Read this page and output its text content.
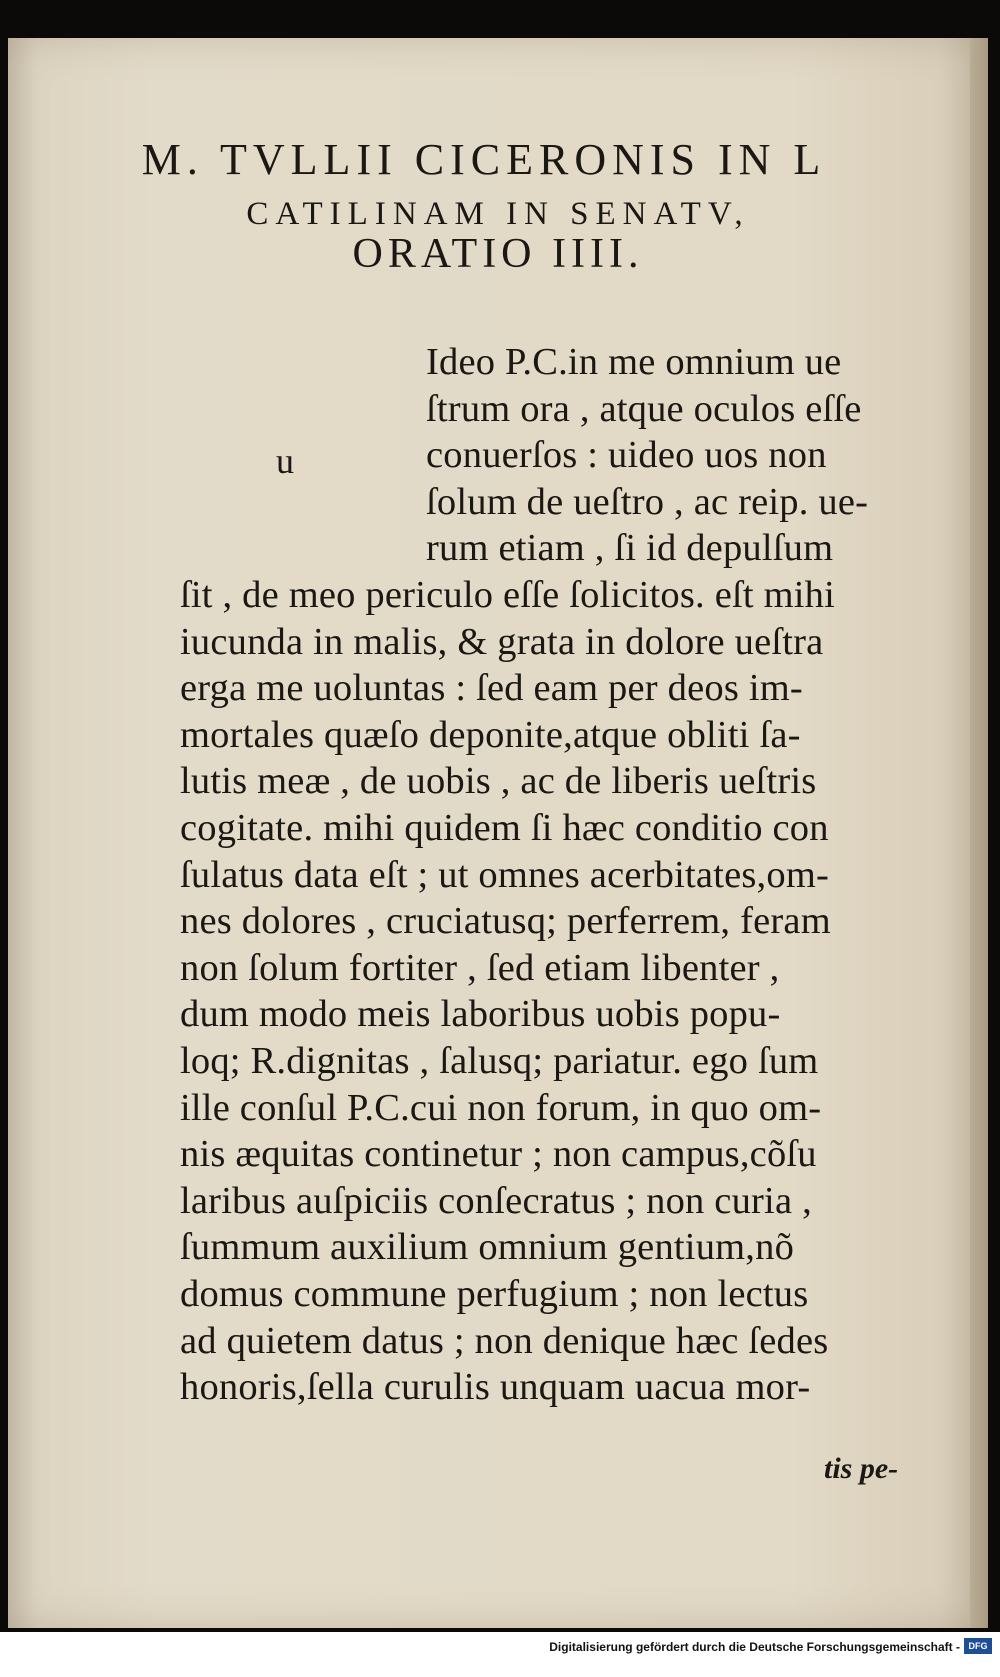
M. TVLLII CICERONIS IN L
CATILINAM IN SENATV,
ORATIO IIII.
u
Ideo P.C.in me omnium ue
ſtrum ora , atque oculos eſſe
conuerſos : uideo uos non
ſolum de ueſtro , ac reip. ue-
rum etiam , ſi id depulſum
ſit , de meo periculo eſſe ſolicitos. eſt mihi
iucunda in malis, & grata in dolore ueſtra
erga me uoluntas : ſed eam per deos im-
mortales quæſo deponite,atque obliti ſa-
lutis meæ , de uobis , ac de liberis ueſtris
cogitate. mihi quidem ſi hæc conditio con
ſulatus data eſt ; ut omnes acerbitates,om-
nes dolores , cruciatusq; perferrem, feram
non ſolum fortiter , ſed etiam libenter ,
dum modo meis laboribus uobis popu-
loq; R.dignitas , ſalusq; pariatur. ego ſum
ille conſul P.C.cui non forum, in quo om-
nis æquitas continetur ; non campus,cõſu
laribus auſpiciis conſecratus ; non curia ,
ſummum auxilium omnium gentium,nõ
domus commune perfugium ; non lectus
ad quietem datus ; non denique hæc ſedes
honoris,ſella curulis unquam uacua mor-
tis pe-
Digitalisierung gefördert durch die Deutsche Forschungsgemeinschaft - DFG
